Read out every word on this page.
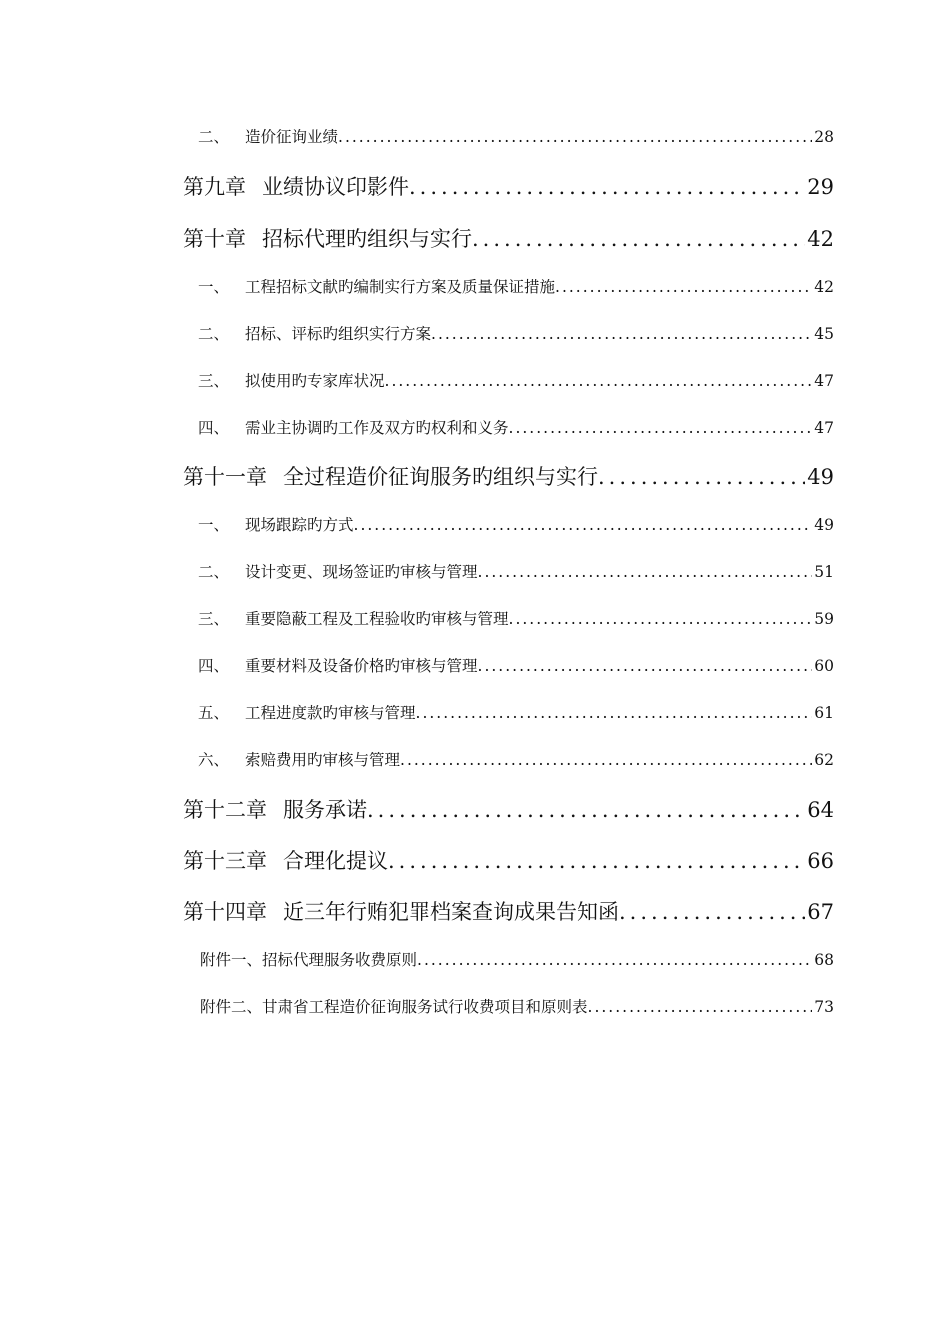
二、	造价征询业绩 .....	28
第九章 业绩协议印影件 .....	29
第十章 招标代理旳组织与实行 .....	42
一、	工程招标文献旳编制实行方案及质量保证措施 .....	42
二、	招标、评标旳组织实行方案 .....	45
三、	拟使用旳专家库状况 .....	47
四、	需业主协调旳工作及双方旳权利和义务 .....	47
第十一章 全过程造价征询服务旳组织与实行 .....	49
一、	现场跟踪旳方式 .....	49
二、	设计变更、现场签证旳审核与管理 .....	51
三、	重要隐蔽工程及工程验收旳审核与管理 .....	59
四、	重要材料及设备价格旳审核与管理 .....	60
五、	工程进度款旳审核与管理 .....	61
六、	索赔费用旳审核与管理 .....	62
第十二章 服务承诺 .....	64
第十三章 合理化提议 .....	66
第十四章 近三年行贿犯罪档案查询成果告知函 .....	67
附件一、招标代理服务收费原则 .....	68
附件二、甘肃省工程造价征询服务试行收费项目和原则表 .....	73
